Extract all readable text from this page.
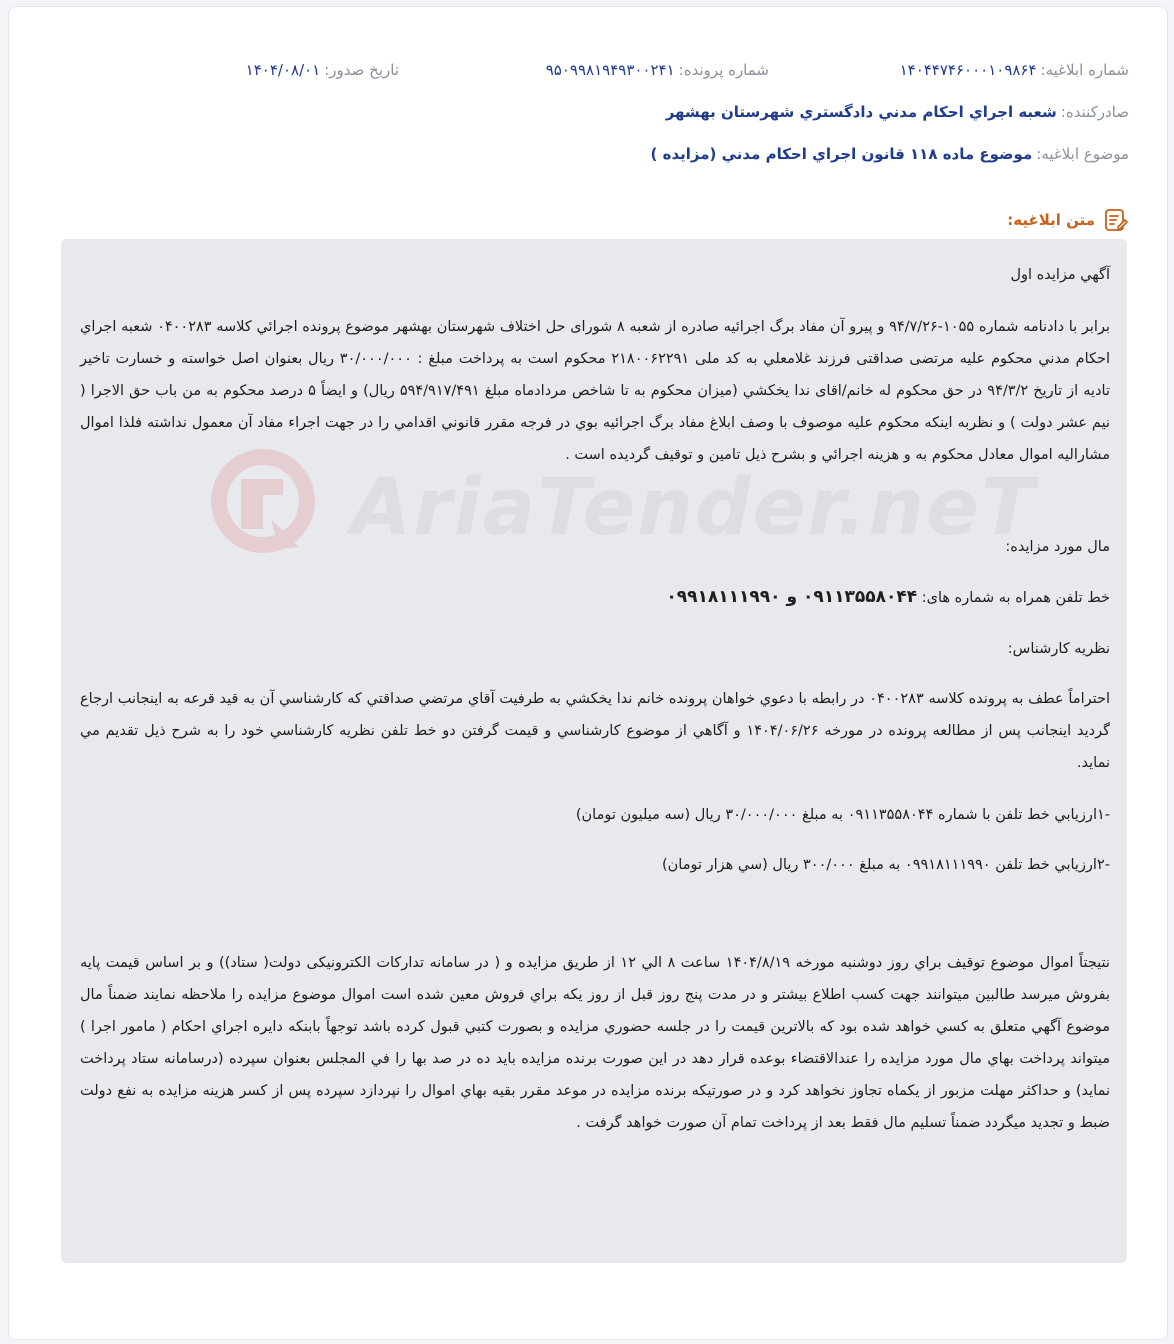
شماره ابلاغیه:
۱۴۰۴۴۷۴۶۰۰۰۱۰۹۸۶۴
شماره پرونده:
۹۵۰۹۹۸۱۹۴۹۳۰۰۲۴۱
تاریخ صدور:
۱۴۰۴/۰۸/۰۱
صادرکننده:
شعبه اجراي احكام مدني دادگستري شهرستان بهشهر
موضوع ابلاغیه:
موضوع ماده ۱۱۸ قانون اجراي احكام مدني (مزايده )
متن ابلاغیه:
AriaTender.neT
آگهي مزايده اول
برابر با دادنامه شماره ۱۰۵۵-۹۴/۷/۲۶ و پيرو آن مفاد برگ اجرائيه صادره از شعبه ۸ شوراى حل اختلاف شهرستان بهشهر موضوع پرونده اجرائي كلاسه ۰۴۰۰۲۸۳ شعبه اجراي احكام مدني محكوم عليه مرتضى صداقتى فرزند غلامعلي به كد ملى ۲۱۸۰۰۶۲۲۹۱ محكوم است به پرداخت مبلغ : ۳۰/۰۰۰/۰۰۰ ريال بعنوان اصل خواسته و خسارت تاخير تاديه از تاريخ ۹۴/۳/۲ در حق محكوم له خانم/اقاى ندا يخكشي (ميزان محكوم به تا شاخص مردادماه مبلغ ۵۹۴/۹۱۷/۴۹۱ ريال) و ايضاً ۵ درصد محكوم به من باب حق الاجرا ( نيم عشر دولت ) و نظربه اينكه محكوم عليه موصوف با وصف ابلاغ مفاد برگ اجرائيه بوي در فرجه مقرر قانوني اقدامي را در جهت اجراء مفاد آن معمول نداشته فلذا اموال مشاراليه اموال معادل محكوم به و هزينه اجرائي و بشرح ذيل تامين و توقيف گرديده است .
مال مورد مزايده:
خط تلفن همراه به شماره های: ۰۹۱۱۳۵۵۸۰۴۴ و ۰۹۹۱۸۱۱۱۹۹۰
نظريه كارشناس:
احتراماً عطف به پرونده كلاسه ۰۴۰۰۲۸۳ در رابطه با دعوي خواهان پرونده خانم ندا يخكشي به طرفيت آقاي مرتضي صداقتي كه كارشناسي آن به قيد قرعه به اينجانب ارجاع گرديد اينجانب پس از مطالعه پرونده در مورخه ۱۴۰۴/۰۶/۲۶ و آگاهي از موضوع كارشناسي و قيمت گرفتن دو خط تلفن نظريه كارشناسي خود را به شرح ذيل تقديم مي نمايد.
-۱ارزيابي خط تلفن با شماره ۰۹۱۱۳۵۵۸۰۴۴ به مبلغ ۳۰/۰۰۰/۰۰۰ ريال (سه ميليون تومان)
-۲ارزيابي خط تلفن ۰۹۹۱۸۱۱۱۹۹۰ به مبلغ ۳۰۰/۰۰۰ ريال (سي هزار تومان)
نتيجتاً اموال موضوع توقيف براي روز دوشنبه مورخه ۱۴۰۴/۸/۱۹ ساعت ۸ الي ۱۲ از طريق مزايده و ( در سامانه تداركات الكترونيكى دولت( ستاد)) و بر اساس قيمت پايه بفروش ميرسد طالبين ميتوانند جهت كسب اطلاع بيشتر و در مدت پنج روز قبل از روز يكه براي فروش معين شده است اموال موضوع مزايده را ملاحظه نمايند ضمناً مال موضوع آگهي متعلق به كسي خواهد شده بود كه بالاترين قيمت را در جلسه حضوري مزايده و بصورت كتبي قبول كرده باشد توجهاً بابنكه دايره اجراي احكام ( مامور اجرا ) ميتواند پرداخت بهاي مال مورد مزايده را عندالاقتضاء بوعده قرار دهد در اين صورت برنده مزايده بايد ده در صد بها را في المجلس بعنوان سپرده (درسامانه ستاد پرداخت نمايد) و حداكثر مهلت مزبور از يكماه تجاوز نخواهد كرد و در صورتيكه برنده مزايده در موعد مقرر بقيه بهاي اموال را نپردازد سپرده پس از كسر هزينه مزايده به نفع دولت ضبط و تجديد ميگردد ضمناً تسليم مال فقط بعد از پرداخت تمام آن صورت خواهد گرفت .
